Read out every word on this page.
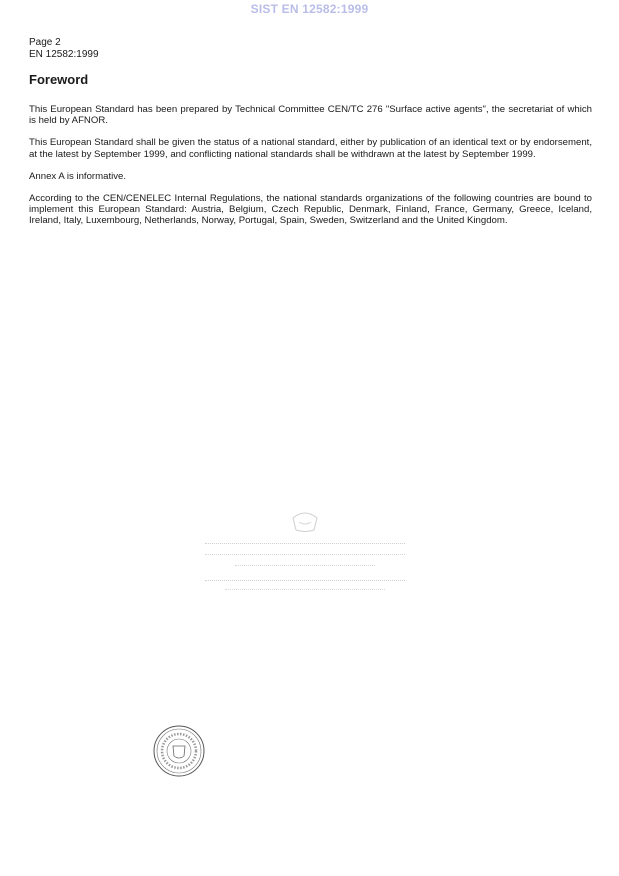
SIST EN 12582:1999
Page 2
EN 12582:1999
Foreword

This European Standard has been prepared by Technical Committee CEN/TC 276 "Surface active agents", the secretariat of which is held by AFNOR.

This European Standard shall be given the status of a national standard, either by publication of an identical text or by endorsement, at the latest by September 1999, and conflicting national standards shall be withdrawn at the latest by September 1999.

Annex A is informative.

According to the CEN/CENELEC Internal Regulations, the national standards organizations of the following countries are bound to implement this European Standard: Austria, Belgium, Czech Republic, Denmark, Finland, France, Germany, Greece, Iceland, Ireland, Italy, Luxembourg, Netherlands, Norway, Portugal, Spain, Sweden, Switzerland and the United Kingdom.
